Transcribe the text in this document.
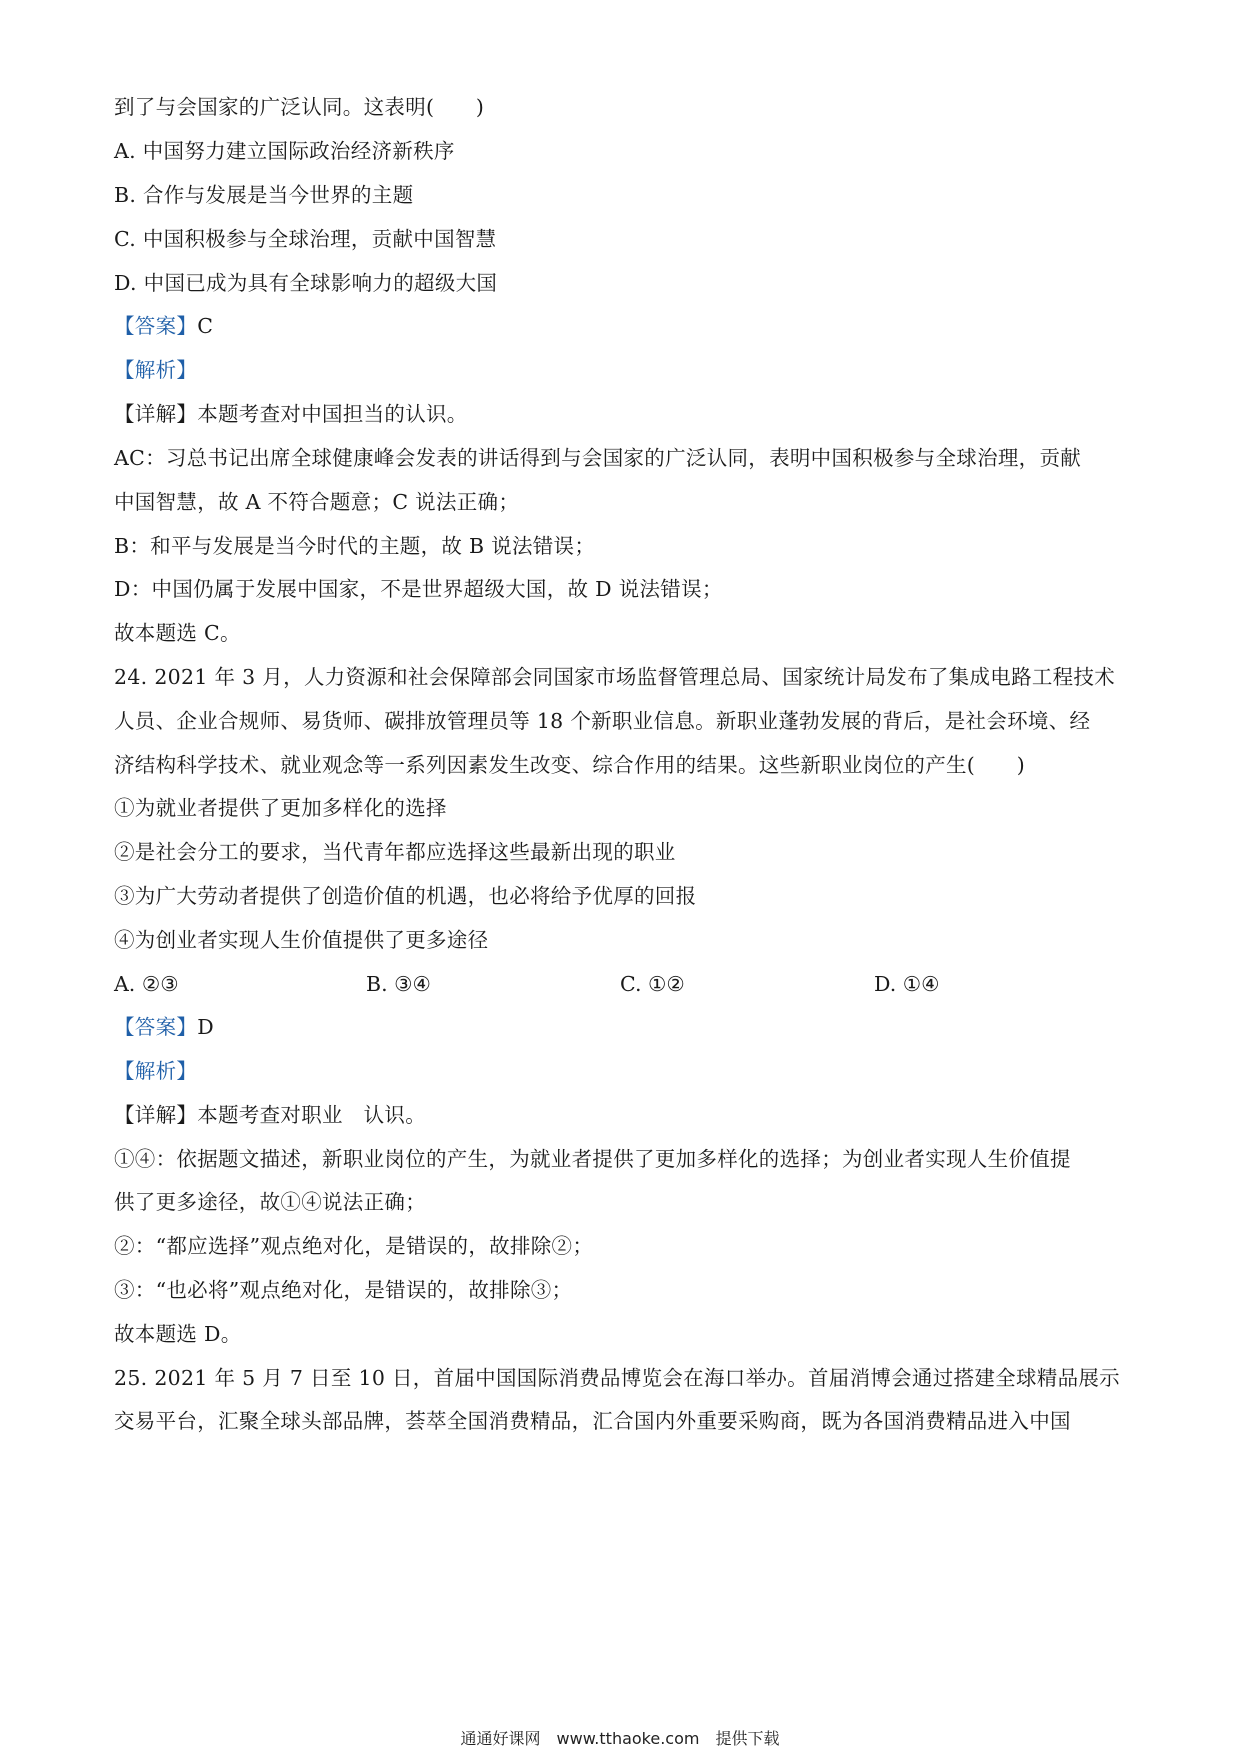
到了与会国家的广泛认同。这表明(　　)
A. 中国努力建立国际政治经济新秩序
B. 合作与发展是当今世界的主题
C. 中国积极参与全球治理，贡献中国智慧
D. 中国已成为具有全球影响力的超级大国
【答案】C
【解析】
【详解】本题考查对中国担当的认识。
AC：习总书记出席全球健康峰会发表的讲话得到与会国家的广泛认同，表明中国积极参与全球治理，贡献
中国智慧，故 A 不符合题意；C 说法正确；
B：和平与发展是当今时代的主题，故 B 说法错误；
D：中国仍属于发展中国家，不是世界超级大国，故 D 说法错误；
故本题选 C。
24. 2021 年 3 月，人力资源和社会保障部会同国家市场监督管理总局、国家统计局发布了集成电路工程技术
人员、企业合规师、易货师、碳排放管理员等 18 个新职业信息。新职业蓬勃发展的背后，是社会环境、经
济结构科学技术、就业观念等一系列因素发生改变、综合作用的结果。这些新职业岗位的产生(　　)
①为就业者提供了更加多样化的选择
②是社会分工的要求，当代青年都应选择这些最新出现的职业
③为广大劳动者提供了创造价值的机遇，也必将给予优厚的回报
④为创业者实现人生价值提供了更多途径
A. ②③	B. ③④	C. ①②	D. ①④
【答案】D
【解析】
【详解】本题考查对职业　认识。
①④：依据题文描述，新职业岗位的产生，为就业者提供了更加多样化的选择；为创业者实现人生价值提
供了更多途径，故①④说法正确；
②：“都应选择”观点绝对化，是错误的，故排除②；
③：“也必将”观点绝对化，是错误的，故排除③；
故本题选 D。
25. 2021 年 5 月 7 日至 10 日，首届中国国际消费品博览会在海口举办。首届消博会通过搭建全球精品展示
交易平台，汇聚全球头部品牌，荟萃全国消费精品，汇合国内外重要采购商，既为各国消费精品进入中国
通通好课网　www.tthaoke.com　提供下载
